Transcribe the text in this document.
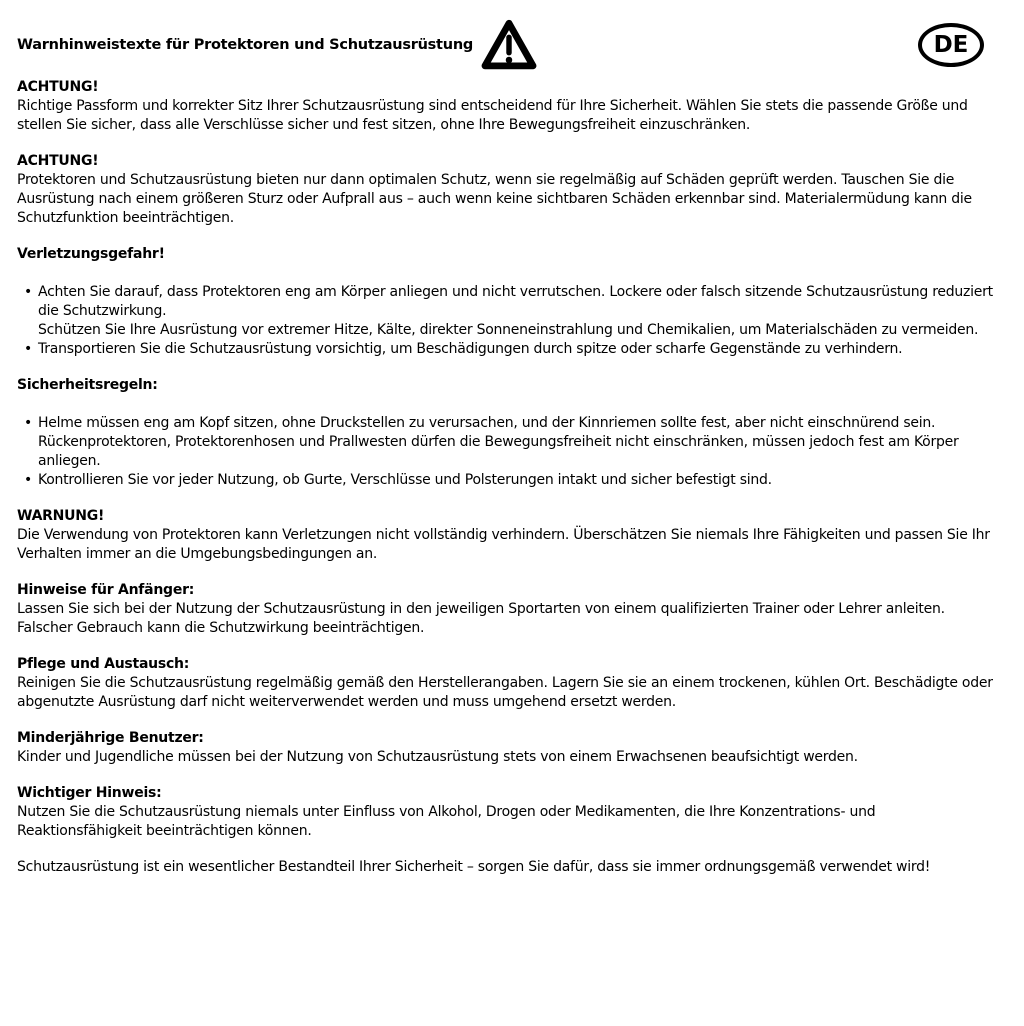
Warnhinweistexte für Protektoren und Schutzausrüstung	DE
ACHTUNG!

Richtige Passform und korrekter Sitz Ihrer Schutzausrüstung sind entscheidend für Ihre Sicherheit. Wählen Sie stets die passende Größe und stellen Sie sicher, dass alle Verschlüsse sicher und fest sitzen, ohne Ihre Bewegungsfreiheit einzuschränken.

ACHTUNG!

Protektoren und Schutzausrüstung bieten nur dann optimalen Schutz, wenn sie regelmäßig auf Schäden geprüft werden. Tauschen Sie die Ausrüstung nach einem größeren Sturz oder Aufprall aus – auch wenn keine sichtbaren Schäden erkennbar sind. Materialermüdung kann die Schutzfunktion beeinträchtigen.

Verletzungsgefahr!
• Achten Sie darauf, dass Protektoren eng am Körper anliegen und nicht verrutschen. Lockere oder falsch sitzende Schutzausrüstung reduziert die Schutzwirkung.
Schützen Sie Ihre Ausrüstung vor extremer Hitze, Kälte, direkter Sonneneinstrahlung und Chemikalien, um Materialschäden zu vermeiden.
• Transportieren Sie die Schutzausrüstung vorsichtig, um Beschädigungen durch spitze oder scharfe Gegenstände zu verhindern.
Sicherheitsregeln:
• Helme müssen eng am Kopf sitzen, ohne Druckstellen zu verursachen, und der Kinnriemen sollte fest, aber nicht einschnürend sein.
Rückenprotektoren, Protektorenhosen und Prallwesten dürfen die Bewegungsfreiheit nicht einschränken, müssen jedoch fest am Körper anliegen.
• Kontrollieren Sie vor jeder Nutzung, ob Gurte, Verschlüsse und Polsterungen intakt und sicher befestigt sind.
WARNUNG!

Die Verwendung von Protektoren kann Verletzungen nicht vollständig verhindern. Überschätzen Sie niemals Ihre Fähigkeiten und passen Sie Ihr Verhalten immer an die Umgebungsbedingungen an.

Hinweise für Anfänger:

Lassen Sie sich bei der Nutzung der Schutzausrüstung in den jeweiligen Sportarten von einem qualifizierten Trainer oder Lehrer anleiten. Falscher Gebrauch kann die Schutzwirkung beeinträchtigen.

Pflege und Austausch:

Reinigen Sie die Schutzausrüstung regelmäßig gemäß den Herstellerangaben. Lagern Sie sie an einem trockenen, kühlen Ort. Beschädigte oder abgenutzte Ausrüstung darf nicht weiterverwendet werden und muss umgehend ersetzt werden.

Minderjährige Benutzer:

Kinder und Jugendliche müssen bei der Nutzung von Schutzausrüstung stets von einem Erwachsenen beaufsichtigt werden.

Wichtiger Hinweis:

Nutzen Sie die Schutzausrüstung niemals unter Einfluss von Alkohol, Drogen oder Medikamenten, die Ihre Konzentrations- und Reaktionsfähigkeit beeinträchtigen können.

Schutzausrüstung ist ein wesentlicher Bestandteil Ihrer Sicherheit – sorgen Sie dafür, dass sie immer ordnungsgemäß verwendet wird!
